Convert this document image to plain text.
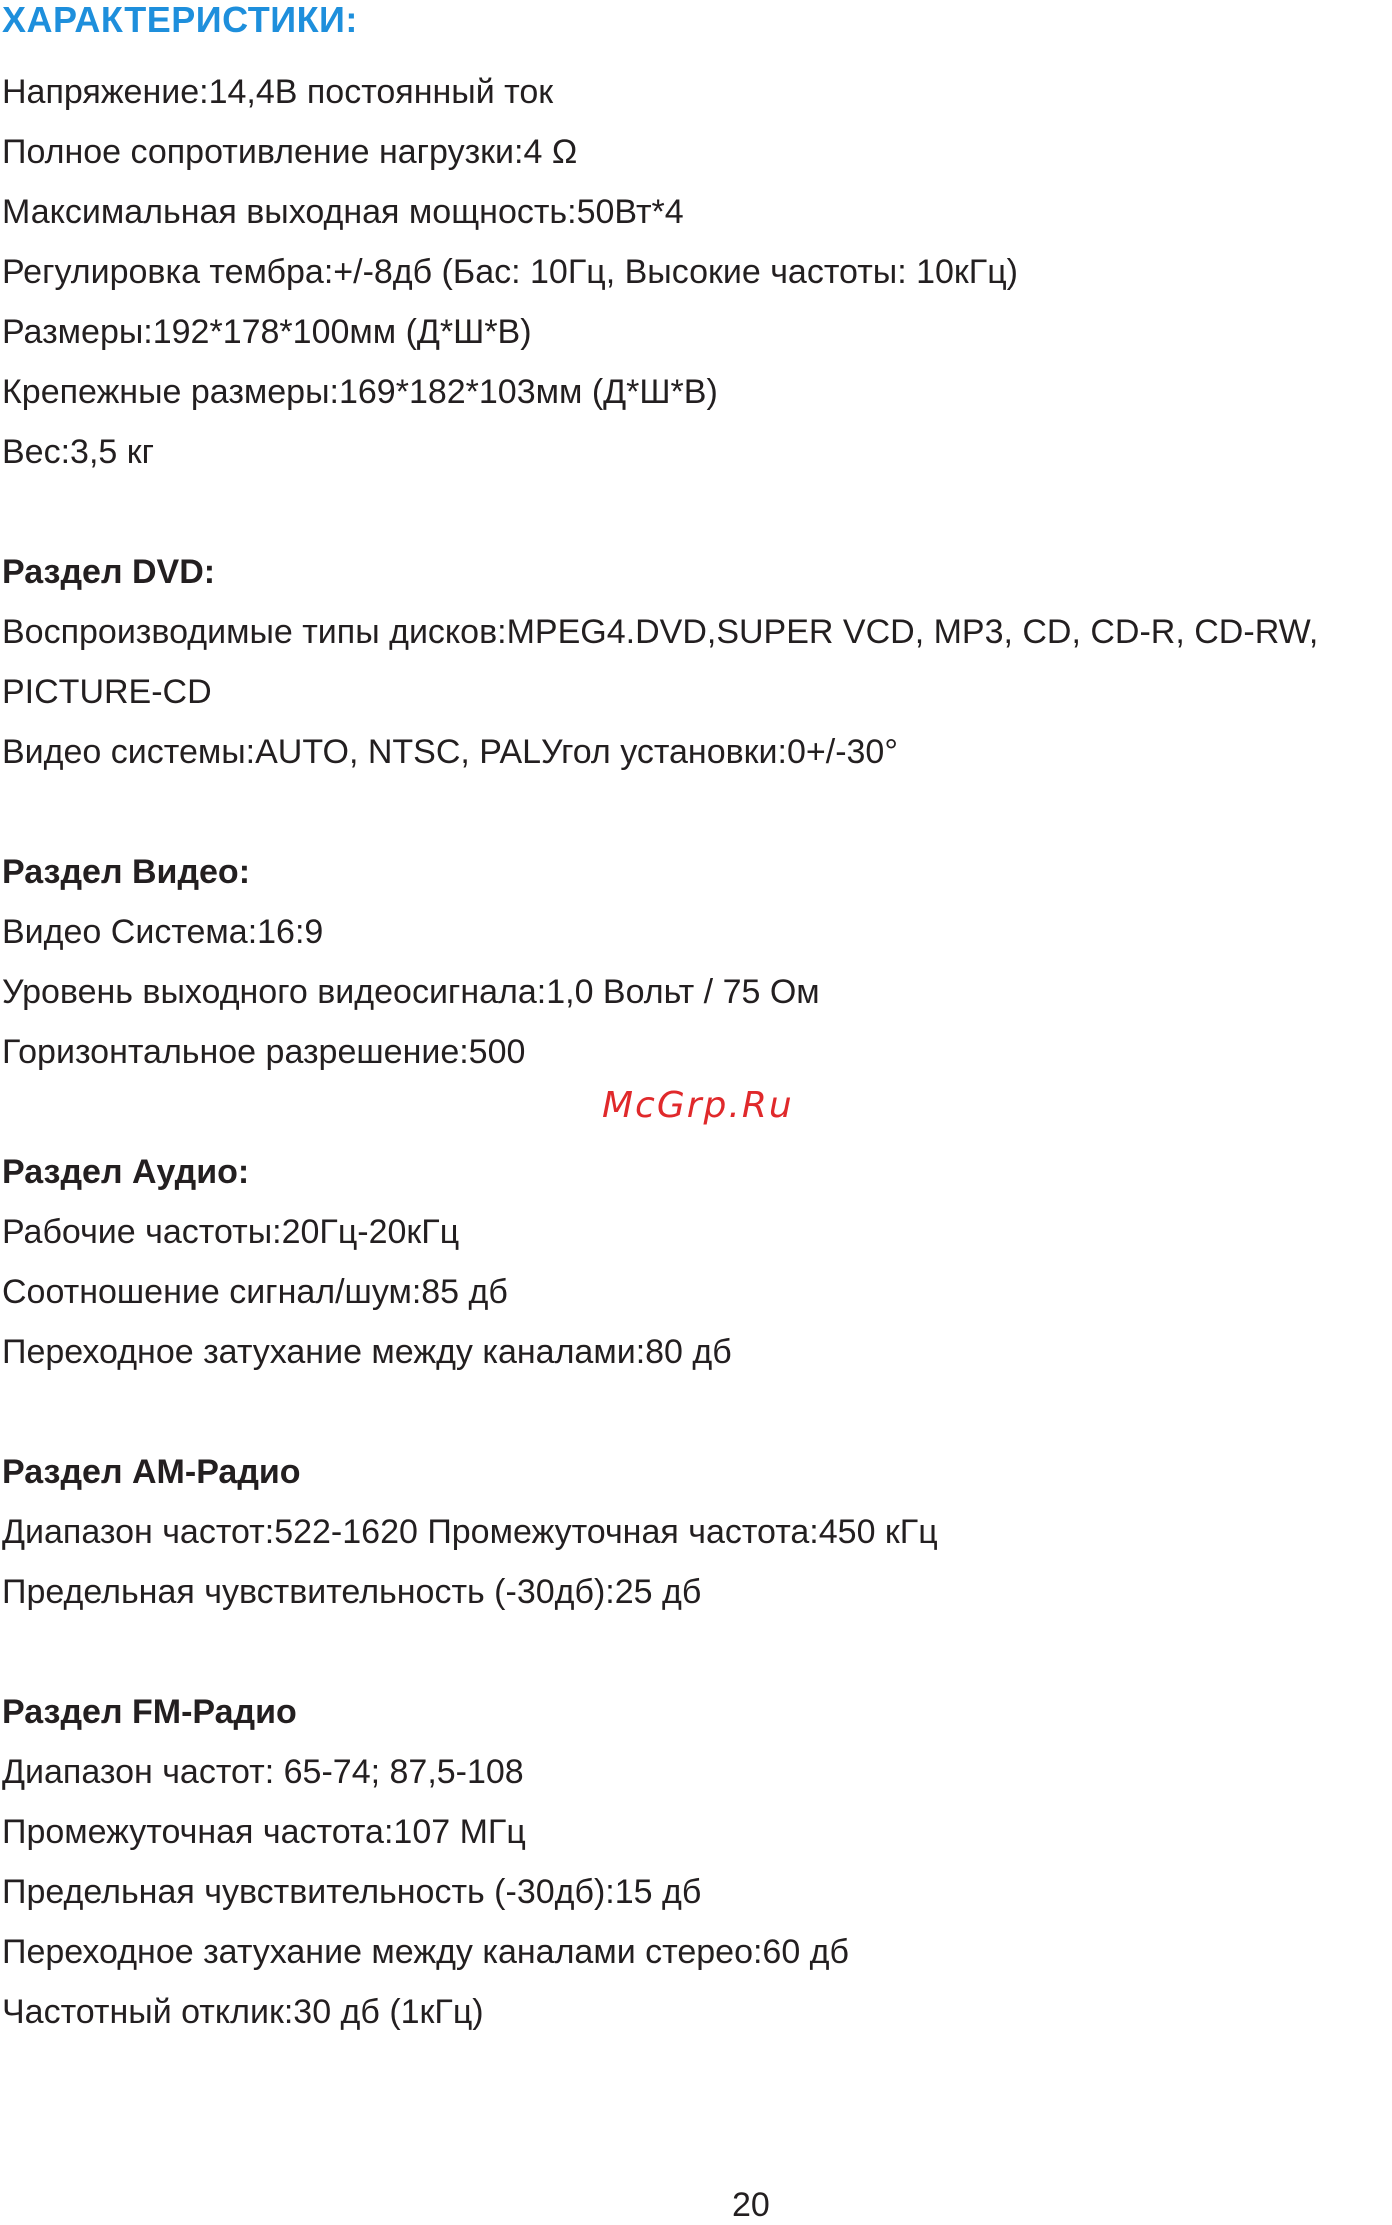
ХАРАКТЕРИСТИКИ:
Напряжение:14,4В постоянный ток
Полное сопротивление нагрузки:4 Ω
Максимальная выходная мощность:50Вт*4
Регулировка тембра:+/-8дб (Бас: 10Гц, Высокие частоты: 10кГц)
Размеры:192*178*100мм (Д*Ш*В)
Крепежные размеры:169*182*103мм (Д*Ш*В)
Вес:3,5 кг
Раздел DVD:
Воспроизводимые типы дисков:MPEG4.DVD,SUPER VCD, MP3, CD, CD-R, CD-RW,
PICTURE-CD
Видео системы:AUTO, NTSC, PALУгол установки:0+/-30°
Раздел Видео:
Видео Система:16:9
Уровень выходного видеосигнала:1,0 Вольт / 75 Ом
Горизонтальное разрешение:500
Раздел Аудио:
Рабочие частоты:20Гц-20кГц
Соотношение сигнал/шум:85 дб
Переходное затухание между каналами:80 дб
Раздел АМ-Радио
Диапазон частот:522-1620 Промежуточная частота:450 кГц
Предельная чувствительность (-30дб):25 дб
Раздел FM-Радио
Диапазон частот: 65-74; 87,5-108
Промежуточная частота:107 МГц
Предельная чувствительность (-30дб):15 дб
Переходное затухание между каналами стерео:60 дб
Частотный отклик:30 дб (1кГц)
McGrp.Ru
20
